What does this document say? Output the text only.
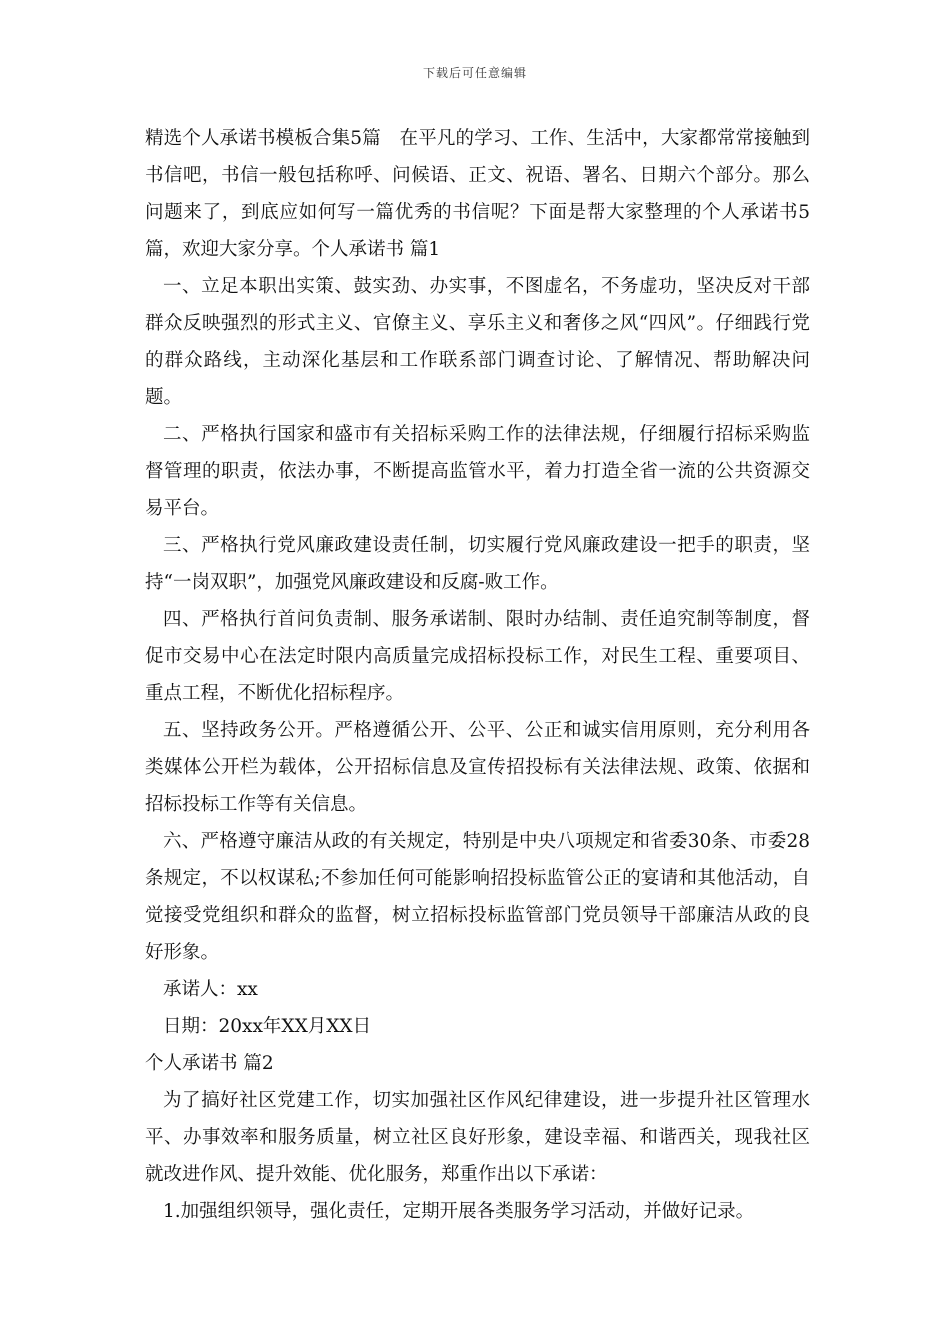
下载后可任意编辑

精选个人承诺书模板合集5篇　在平凡的学习、工作、生活中，大家都常常接触到书信吧，书信一般包括称呼、问候语、正文、祝语、署名、日期六个部分。那么问题来了，到底应如何写一篇优秀的书信呢？下面是帮大家整理的个人承诺书5篇，欢迎大家分享。个人承诺书 篇1

一、立足本职出实策、鼓实劲、办实事，不图虚名，不务虚功，坚决反对干部群众反映强烈的形式主义、官僚主义、享乐主义和奢侈之风“四风”。仔细践行党的群众路线，主动深化基层和工作联系部门调查讨论、了解情况、帮助解决问题。

二、严格执行国家和盛市有关招标采购工作的法律法规，仔细履行招标采购监督管理的职责，依法办事，不断提高监管水平，着力打造全省一流的公共资源交易平台。

三、严格执行党风廉政建设责任制，切实履行党风廉政建设一把手的职责，坚持“一岗双职”，加强党风廉政建设和反腐-败工作。

四、严格执行首问负责制、服务承诺制、限时办结制、责任追究制等制度，督促市交易中心在法定时限内高质量完成招标投标工作，对民生工程、重要项目、重点工程，不断优化招标程序。

五、坚持政务公开。严格遵循公开、公平、公正和诚实信用原则，充分利用各类媒体公开栏为载体，公开招标信息及宣传招投标有关法律法规、政策、依据和招标投标工作等有关信息。

六、严格遵守廉洁从政的有关规定，特别是中央八项规定和省委30条、市委28条规定，不以权谋私;不参加任何可能影响招投标监管公正的宴请和其他活动，自觉接受党组织和群众的监督，树立招标投标监管部门党员领导干部廉洁从政的良好形象。

承诺人：xx

日期：20xx年XX月XX日

个人承诺书 篇2

为了搞好社区党建工作，切实加强社区作风纪律建设，进一步提升社区管理水平、办事效率和服务质量，树立社区良好形象，建设幸福、和谐西关，现我社区就改进作风、提升效能、优化服务，郑重作出以下承诺：

1.加强组织领导，强化责任，定期开展各类服务学习活动，并做好记录。
